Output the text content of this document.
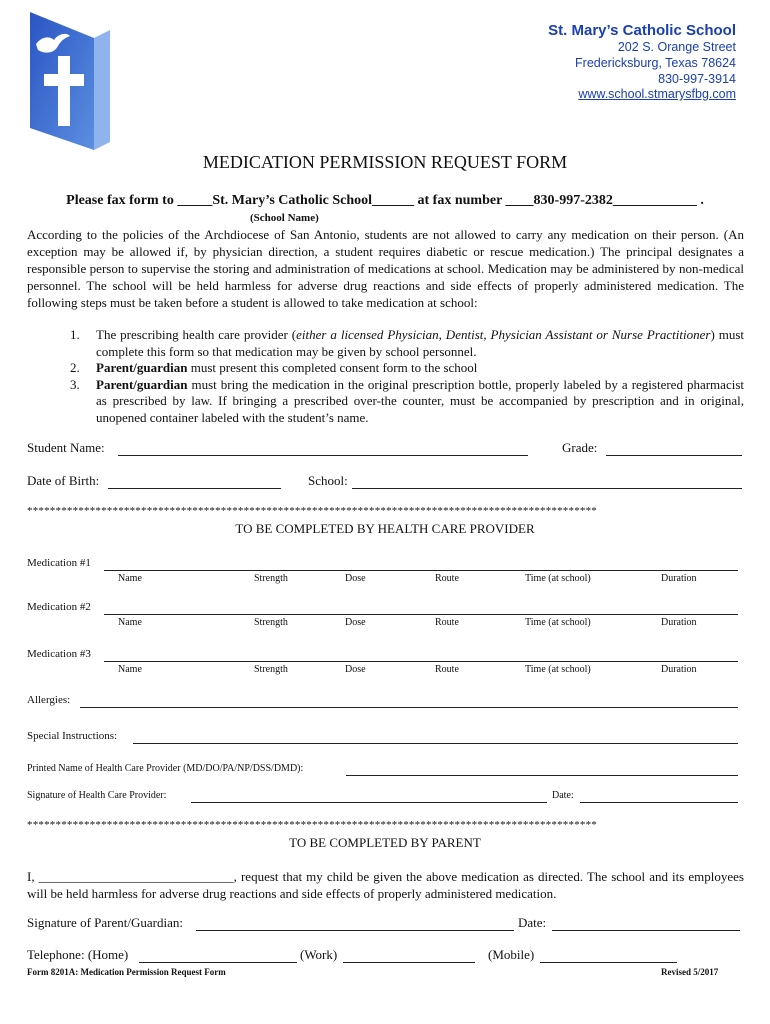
St. Mary’s Catholic School
202 S. Orange Street
Fredericksburg, Texas 78624
830-997-3914
www.school.stmarysfbg.com
MEDICATION PERMISSION REQUEST FORM
Please fax form to _____St. Mary’s Catholic School______ at fax number ____830-997-2382____________ .
(School Name)
According to the policies of the Archdiocese of San Antonio, students are not allowed to carry any medication on their person. (An exception may be allowed if, by physician direction, a student requires diabetic or rescue medication.) The principal designates a responsible person to supervise the storing and administration of medications at school. Medication may be administered by non-medical personnel. The school will be held harmless for adverse drug reactions and side effects of properly administered medication. The following steps must be taken before a student is allowed to take medication at school:
1. The prescribing health care provider (either a licensed Physician, Dentist, Physician Assistant or Nurse Practitioner) must complete this form so that medication may be given by school personnel.
2. Parent/guardian must present this completed consent form to the school
3. Parent/guardian must bring the medication in the original prescription bottle, properly labeled by a registered pharmacist as prescribed by law. If bringing a prescribed over-the counter, must be accompanied by prescription and in original, unopened container labeled with the student’s name.
Student Name:	Grade:
Date of Birth:	School:
****************************************************************************************************
TO BE COMPLETED BY HEALTH CARE PROVIDER
Medication #1
Name	Strength	Dose	Route	Time (at school)	Duration
Medication #2
Name	Strength	Dose	Route	Time (at school)	Duration
Medication #3
Name	Strength	Dose	Route	Time (at school)	Duration
Allergies:
Special Instructions:
Printed Name of Health Care Provider (MD/DO/PA/NP/DSS/DMD):
Signature of Health Care Provider:	Date:
****************************************************************************************************
TO BE COMPLETED BY PARENT
I, ______________________________, request that my child be given the above medication as directed. The school and its employees will be held harmless for adverse drug reactions and side effects of properly administered medication.
Signature of Parent/Guardian:	Date:
Telephone: (Home)	(Work)	(Mobile)
Form 8201A: Medication Permission Request Form	Revised 5/2017
